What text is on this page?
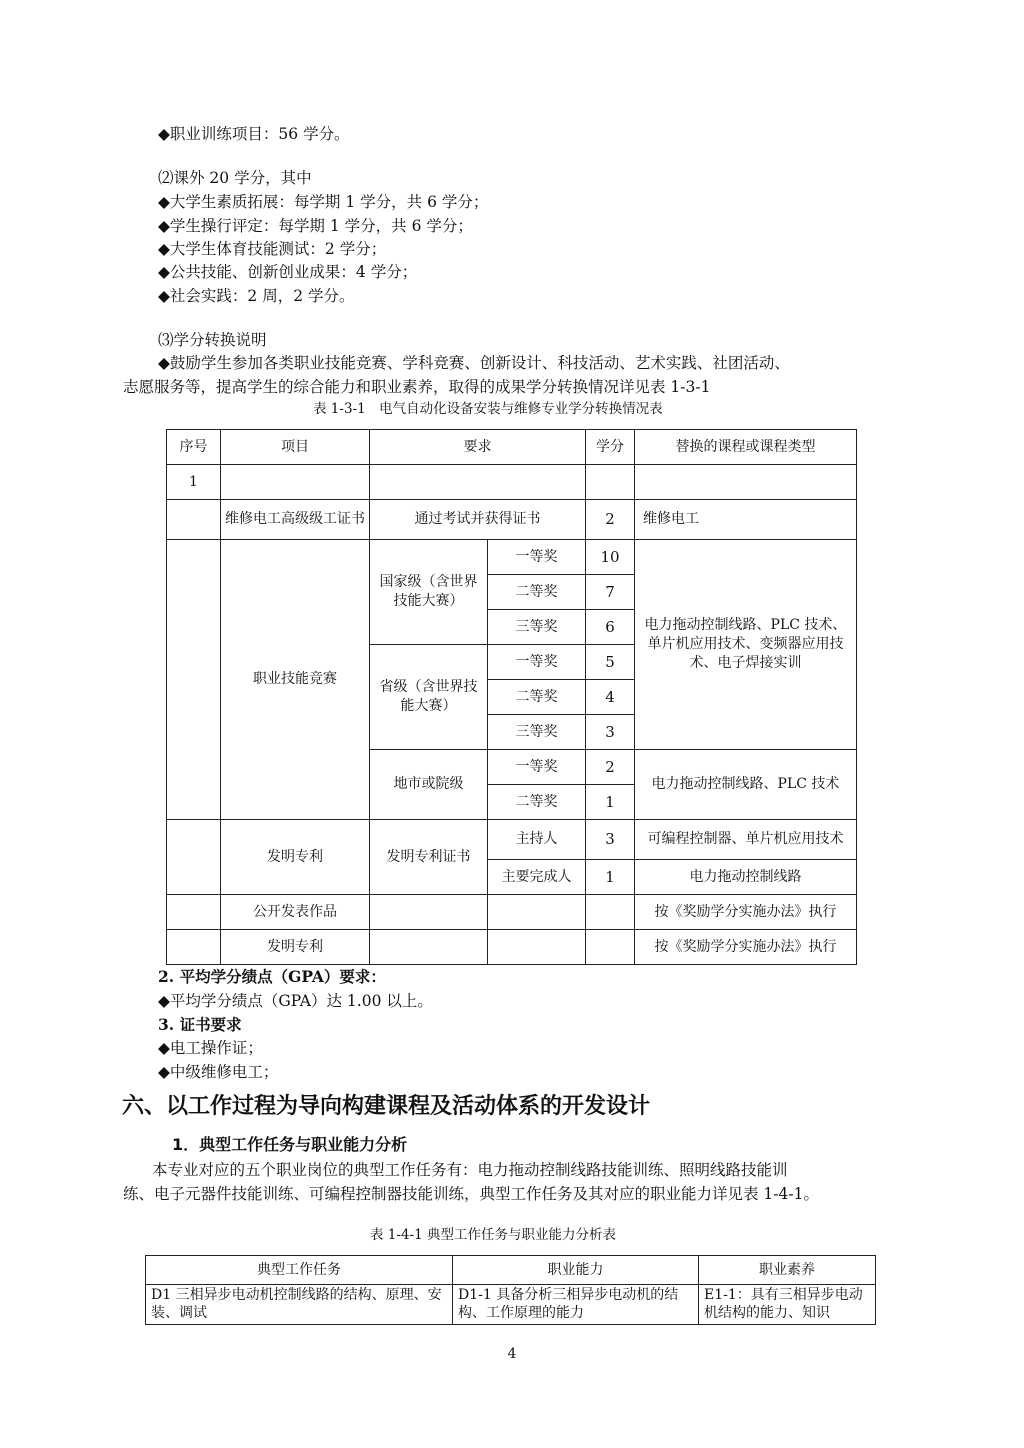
◆职业训练项目：56 学分。
⑵课外 20 学分，其中
◆大学生素质拓展：每学期 1 学分，共 6 学分；
◆学生操行评定：每学期 1 学分，共 6 学分；
◆大学生体育技能测试：2 学分；
◆公共技能、创新创业成果：4 学分；
◆社会实践：2 周，2 学分。
⑶学分转换说明
◆鼓励学生参加各类职业技能竞赛、学科竞赛、创新设计、科技活动、艺术实践、社团活动、
志愿服务等，提高学生的综合能力和职业素养，取得的成果学分转换情况详见表 1-3-1
表 1-3-1　电气自动化设备安装与维修专业学分转换情况表
序号	项目	要求		学分	替换的课程或课程类型
1					
	维修电工高级级工证书	通过考试并获得证书		2	维修电工
	职业技能竞赛	国家级（含世界技能大赛）	一等奖	10	电力拖动控制线路、PLC 技术、单片机应用技术、变频器应用技术、电子焊接实训
			二等奖	7	
			三等奖	6	
		省级（含世界技能大赛）	一等奖	5	
			二等奖	4	
			三等奖	3	
		地市或院级	一等奖	2	电力拖动控制线路、PLC 技术
			二等奖	1	
	发明专利	发明专利证书	主持人	3	可编程控制器、单片机应用技术
			主要完成人	1	电力拖动控制线路
	公开发表作品				按《奖励学分实施办法》执行
	发明专利				按《奖励学分实施办法》执行
2. 平均学分绩点（GPA）要求：
◆平均学分绩点（GPA）达 1.00 以上。
3. 证书要求
◆电工操作证；
◆中级维修电工；
六、以工作过程为导向构建课程及活动体系的开发设计
1．典型工作任务与职业能力分析
本专业对应的五个职业岗位的典型工作任务有：电力拖动控制线路技能训练、照明线路技能训
练、电子元器件技能训练、可编程控制器技能训练，典型工作任务及其对应的职业能力详见表 1-4-1。
表 1-4-1 典型工作任务与职业能力分析表
典型工作任务	职业能力	职业素养
D1 三相异步电动机控制线路的结构、原理、安装、调试	D1-1 具备分析三相异步电动机的结构、工作原理的能力	E1-1：具有三相异步电动机结构的能力、知识
4
